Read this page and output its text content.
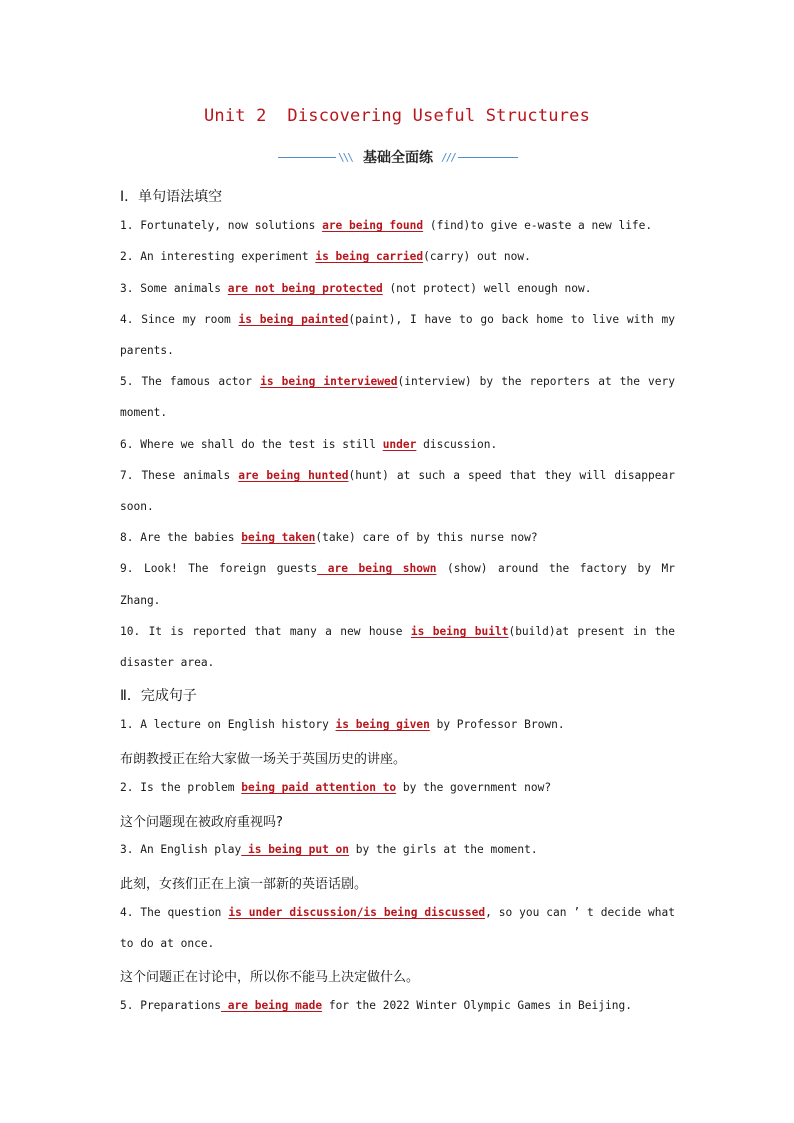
Unit 2  Discovering Useful Structures
\\\ 基础全面练 ///
Ⅰ．单句语法填空
1. Fortunately, now solutions are being found (find)to give e-waste a new life.
2. An interesting experiment is being carried(carry) out now.
3. Some animals are not being protected (not protect) well enough now.
4. Since my room is being painted(paint), I have to go back home to live with my
parents.
5. The famous actor is being interviewed(interview) by the reporters at the very
moment.
6. Where we shall do the test is still under discussion.
7. These animals are being hunted(hunt) at such a speed that they will disappear
soon.
8. Are the babies being taken(take) care of by this nurse now?
9. Look! The foreign guests are being shown (show) around the factory by Mr
Zhang.
10. It is reported that many a new house is being built(build)at present in the
disaster area.
Ⅱ．完成句子
1. A lecture on English history is being given by Professor Brown.
布朗教授正在给大家做一场关于英国历史的讲座。
2. Is the problem being paid attention to by the government now?
这个问题现在被政府重视吗?
3. An English play is being put on by the girls at the moment.
此刻，女孩们正在上演一部新的英语话剧。
4. The question is under discussion/is being discussed, so you can ’ t decide what
to do at once.
这个问题正在讨论中，所以你不能马上决定做什么。
5. Preparations are being made for the 2022 Winter Olympic Games in Beijing.
